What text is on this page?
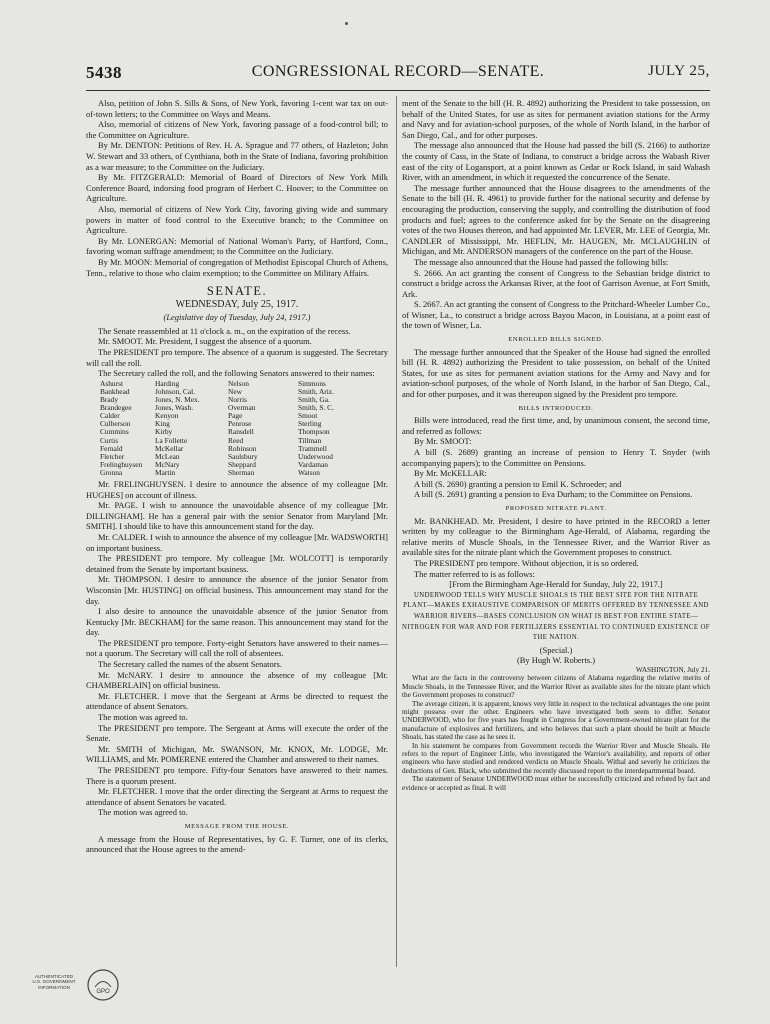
CONGRESSIONAL RECORD—SENATE.
5438	JULY 25,

Also, petition of John S. Sills & Sons, of New York, favoring 1-cent war tax on out-of-town letters; to the Committee on Ways and Means.

Also, memorial of citizens of New York, favoring passage of a food-control bill; to the Committee on Agriculture.

By Mr. DENTON: Petitions of Rev. H. A. Sprague and 77 others, of Hazleton; John W. Stewart and 33 others, of Cynthiana, both in the State of Indiana, favoring prohibition as a war measure; to the Committee on the Judiciary.

By Mr. FITZGERALD: Memorial of Board of Directors of New York Milk Conference Board, indorsing food program of Herbert C. Hoover; to the Committee on Agriculture.

Also, memorial of citizens of New York City, favoring giving wide and summary powers in matter of food control to the Executive branch; to the Committee on Agriculture.

By Mr. LONERGAN: Memorial of National Woman's Party, of Hartford, Conn., favoring woman suffrage amendment; to the Committee on the Judiciary.

By Mr. MOON: Memorial of congregation of Methodist Episcopal Church of Athens, Tenn., relative to those who claim exemption; to the Committee on Military Affairs.

SENATE.
WEDNESDAY, July 25, 1917.
(Legislative day of Tuesday, July 24, 1917.)

The Senate reassembled at 11 o'clock a. m., on the expiration of the recess.

Mr. SMOOT. Mr. President, I suggest the absence of a quorum.

The PRESIDENT pro tempore. The absence of a quorum is suggested. The Secretary will call the roll.

The Secretary called the roll, and the following Senators answered to their names:

Ashurst	Harding	Nelson	Simmons
Bankhead	Johnson, Cal.	New	Smith, Ariz.
Brady	Jones, N. Mex.	Norris	Smith, Ga.
Brandegee	Jones, Wash.	Overman	Smith, S. C.
Calder	Kenyon	Page	Smoot
Culberson	King	Penrose	Sterling
Cummins	Kirby	Ransdell	Thompson
Curtis	La Follette	Reed	Tillman
Fernald	McKellar	Robinson	Trammell
Fletcher	McLean	Saulsbury	Underwood
Frelinghuysen	McNary	Sheppard	Vardaman
Gronna	Martin	Sherman	Watson

Mr. FRELINGHUYSEN. I desire to announce the absence of my colleague [Mr. HUGHES] on account of illness.

Mr. PAGE. I wish to announce the unavoidable absence of my colleague [Mr. DILLINGHAM]. He has a general pair with the senior Senator from Maryland [Mr. SMITH]. I should like to have this announcement stand for the day.

Mr. CALDER. I wish to announce the absence of my colleague [Mr. WADSWORTH] on important business.

The PRESIDENT pro tempore. My colleague [Mr. WOLCOTT] is temporarily detained from the Senate by important business.

Mr. THOMPSON. I desire to announce the absence of the junior Senator from Wisconsin [Mr. HUSTING] on official business. This announcement may stand for the day.

I also desire to announce the unavoidable absence of the junior Senator from Kentucky [Mr. BECKHAM] for the same reason. This announcement may stand for the day.

The PRESIDENT pro tempore. Forty-eight Senators have answered to their names—not a quorum. The Secretary will call the roll of absentees.

The Secretary called the names of the absent Senators.

Mr. McNARY. I desire to announce the absence of my colleague [Mr. CHAMBERLAIN] on official business.

Mr. FLETCHER. I move that the Sergeant at Arms be directed to request the attendance of absent Senators.

The motion was agreed to.

The PRESIDENT pro tempore. The Sergeant at Arms will execute the order of the Senate.

Mr. SMITH of Michigan, Mr. SWANSON, Mr. KNOX, Mr. LODGE, Mr. WILLIAMS, and Mr. POMERENE entered the Chamber and answered to their names.

The PRESIDENT pro tempore. Fifty-four Senators have answered to their names. There is a quorum present.

Mr. FLETCHER. I move that the order directing the Sergeant at Arms to request the attendance of absent Senators be vacated.

The motion was agreed to.

MESSAGE FROM THE HOUSE.

A message from the House of Representatives, by G. F. Turner, one of its clerks, announced that the House agrees to the amend-

ment of the Senate to the bill (H. R. 4892) authorizing the President to take possession, on behalf of the United States, for use as sites for permanent aviation stations for the Army and Navy and for aviation-school purposes, of the whole of North Island, in the harbor of San Diego, Cal., and for other purposes.

The message also announced that the House had passed the bill (S. 2166) to authorize the county of Cass, in the State of Indiana, to construct a bridge across the Wabash River east of the city of Logansport, at a point known as Cedar or Rock Island, in said Wabash River, with an amendment, in which it requested the concurrence of the Senate.

The message further announced that the House disagrees to the amendments of the Senate to the bill (H. R. 4961) to provide further for the national security and defense by encouraging the production, conserving the supply, and controlling the distribution of food products and fuel; agrees to the conference asked for by the Senate on the disagreeing votes of the two Houses thereon, and had appointed Mr. LEVER, Mr. LEE of Georgia, Mr. CANDLER of Mississippi, Mr. HEFLIN, Mr. HAUGEN, Mr. MCLAUGHLIN of Michigan, and Mr. ANDERSON managers of the conference on the part of the House.

The message also announced that the House had passed the following bills:

S. 2666. An act granting the consent of Congress to the Sebastian bridge district to construct a bridge across the Arkansas River, at the foot of Garrison Avenue, at Fort Smith, Ark.

S. 2667. An act granting the consent of Congress to the Pritchard-Wheeler Lumber Co., of Wisner, La., to construct a bridge across Bayou Macon, in Louisiana, at a point east of the town of Wisner, La.

ENROLLED BILLS SIGNED.

The message further announced that the Speaker of the House had signed the enrolled bill (H. R. 4892) authorizing the President to take possession, on behalf of the United States, for use as sites for permanent aviation stations for the Army and Navy and for aviation-school purposes, of the whole of North Island, in the harbor of San Diego, Cal., and for other purposes, and it was thereupon signed by the President pro tempore.

BILLS INTRODUCED.

Bills were introduced, read the first time, and, by unanimous consent, the second time, and referred as follows:

By Mr. SMOOT:

A bill (S. 2689) granting an increase of pension to Henry T. Snyder (with accompanying papers); to the Committee on Pensions.

By Mr. McKELLAR:

A bill (S. 2690) granting a pension to Emil K. Schroeder; and

A bill (S. 2691) granting a pension to Eva Durham; to the Committee on Pensions.

PROPOSED NITRATE PLANT.

Mr. BANKHEAD. Mr. President, I desire to have printed in the RECORD a letter written by my colleague to the Birmingham Age-Herald, of Alabama, regarding the relative merits of Muscle Shoals, in the Tennessee River, and the Warrior River as available sites for the nitrate plant which the Government proposes to construct.

The PRESIDENT pro tempore. Without objection, it is so ordered.

The matter referred to is as follows:

[From the Birmingham Age-Herald for Sunday, July 22, 1917.]

UNDERWOOD TELLS WHY MUSCLE SHOALS IS THE BEST SITE FOR THE NITRATE PLANT—MAKES EXHAUSTIVE COMPARISON OF MERITS OFFERED BY TENNESSEE AND WARRIOR RIVERS—BASES CONCLUSION ON WHAT IS BEST FOR ENTIRE STATE—NITROGEN FOR WAR AND FOR FERTILIZERS ESSENTIAL TO CONTINUED EXISTENCE OF THE NATION.

(Special.)

(By Hugh W. Roberts.)

WASHINGTON, July 21.

What are the facts in the controversy between citizens of Alabama regarding the relative merits of Muscle Shoals, in the Tennessee River, and the Warrior River as available sites for the nitrate plant which the Government proposes to construct?

The average citizen, it is apparent, knows very little in respect to the technical advantages the one point might possess over the other. Engineers who have investigated both seem to differ. Senator UNDERWOOD, who for five years has fought in Congress for a Government-owned nitrate plant for the manufacture of explosives and fertilizers, and who believes that such a plant should be built at Muscle Shoals, has stated the case as he sees it.

In his statement he compares from Government records the Warrior River and Muscle Shoals. He refers to the report of Engineer Little, who investigated the Warrior's availability, and reports of other engineers who have studied and rendered verdicts on Muscle Shoals. Withal and severly he criticizes the deductions of Gen. Black, who submitted the recently discussed report to the interdepartmental board.

The statement of Senator UNDERWOOD must either be successfully criticized and refuted by fact and evidence or accepted as final. It will

AUTHENTICATED
U.S. GOVERNMENT
INFORMATION
GPO
